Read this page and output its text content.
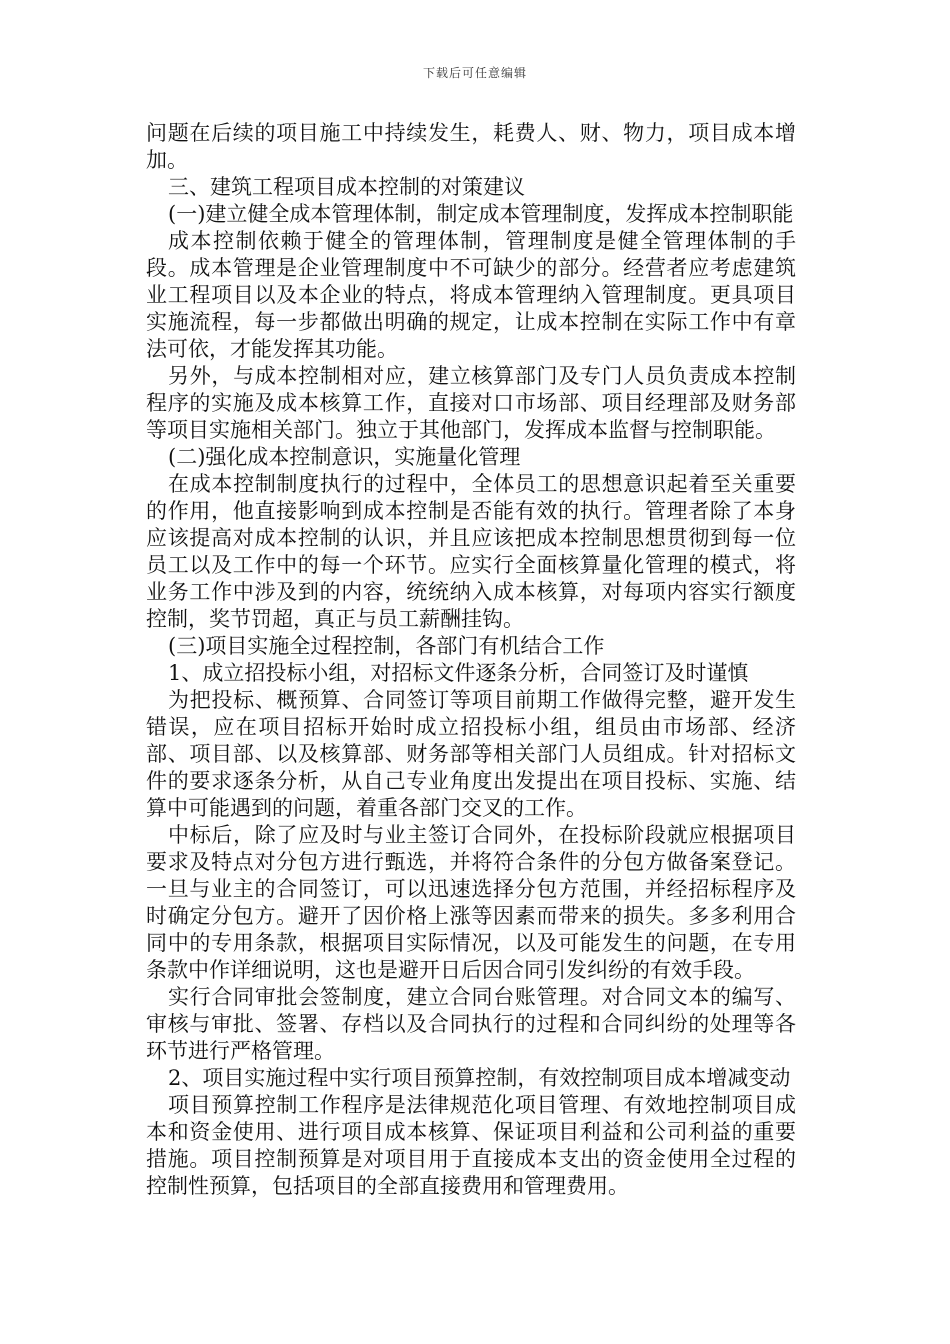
下载后可任意编辑

问题在后续的项目施工中持续发生，耗费人、财、物力，项目成本增加。

三、建筑工程项目成本控制的对策建议

(一)建立健全成本管理体制，制定成本管理制度，发挥成本控制职能

成本控制依赖于健全的管理体制，管理制度是健全管理体制的手段。成本管理是企业管理制度中不可缺少的部分。经营者应考虑建筑业工程项目以及本企业的特点，将成本管理纳入管理制度。更具项目实施流程，每一步都做出明确的规定，让成本控制在实际工作中有章法可依，才能发挥其功能。

另外，与成本控制相对应，建立核算部门及专门人员负责成本控制程序的实施及成本核算工作，直接对口市场部、项目经理部及财务部等项目实施相关部门。独立于其他部门，发挥成本监督与控制职能。

(二)强化成本控制意识，实施量化管理

在成本控制制度执行的过程中，全体员工的思想意识起着至关重要的作用，他直接影响到成本控制是否能有效的执行。管理者除了本身应该提高对成本控制的认识，并且应该把成本控制思想贯彻到每一位员工以及工作中的每一个环节。应实行全面核算量化管理的模式，将业务工作中涉及到的内容，统统纳入成本核算，对每项内容实行额度控制，奖节罚超，真正与员工薪酬挂钩。

(三)项目实施全过程控制，各部门有机结合工作

1、成立招投标小组，对招标文件逐条分析，合同签订及时谨慎

为把投标、概预算、合同签订等项目前期工作做得完整，避开发生错误，应在项目招标开始时成立招投标小组，组员由市场部、经济部、项目部、以及核算部、财务部等相关部门人员组成。针对招标文件的要求逐条分析，从自己专业角度出发提出在项目投标、实施、结算中可能遇到的问题，着重各部门交叉的工作。

中标后，除了应及时与业主签订合同外，在投标阶段就应根据项目要求及特点对分包方进行甄选，并将符合条件的分包方做备案登记。一旦与业主的合同签订，可以迅速选择分包方范围，并经招标程序及时确定分包方。避开了因价格上涨等因素而带来的损失。多多利用合同中的专用条款，根据项目实际情况，以及可能发生的问题，在专用条款中作详细说明，这也是避开日后因合同引发纠纷的有效手段。

实行合同审批会签制度，建立合同台账管理。对合同文本的编写、审核与审批、签署、存档以及合同执行的过程和合同纠纷的处理等各环节进行严格管理。

2、项目实施过程中实行项目预算控制，有效控制项目成本增减变动

项目预算控制工作程序是法律规范化项目管理、有效地控制项目成本和资金使用、进行项目成本核算、保证项目利益和公司利益的重要措施。项目控制预算是对项目用于直接成本支出的资金使用全过程的控制性预算，包括项目的全部直接费用和管理费用。
